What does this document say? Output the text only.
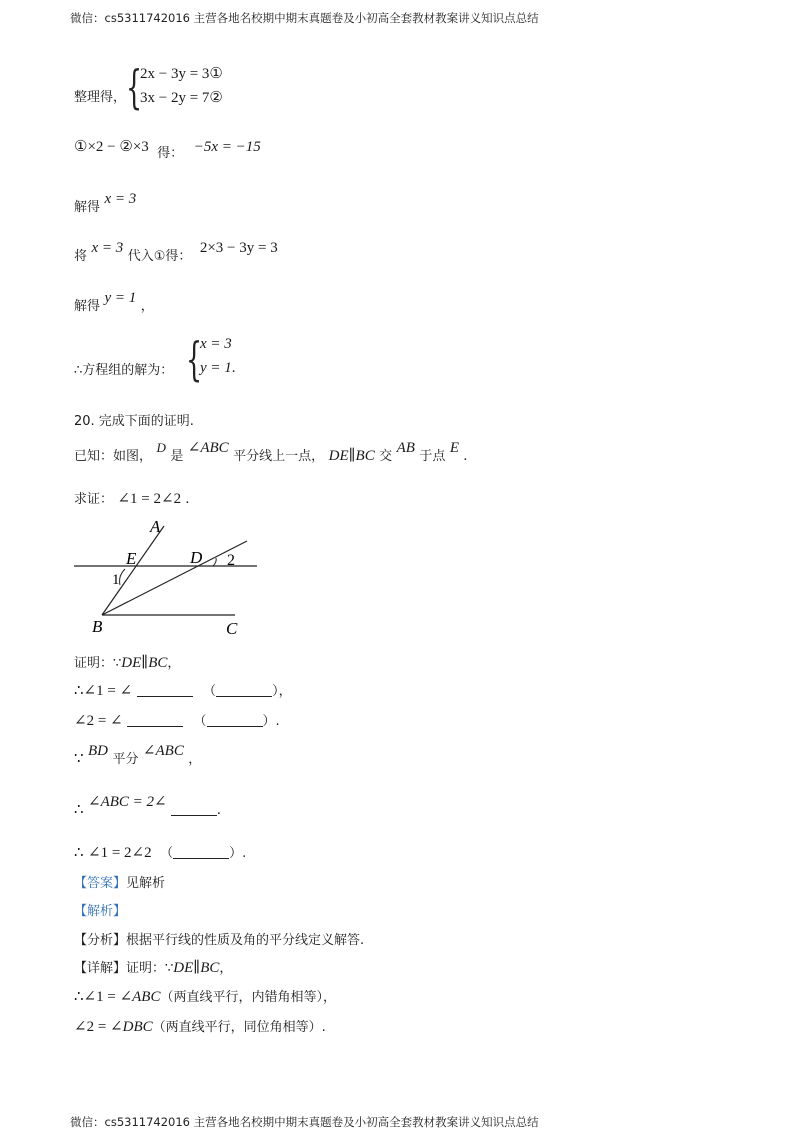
微信：cs5311742016 主营各地名校期中期末真题卷及小初高全套教材教案讲义知识点总结
整理得， {
2x − 3y = 3①
3x − 2y = 7②
①×2 − ②×3 得： −5x = −15
解得 x = 3
将 x = 3 代入①得： 2×3 − 3y = 3
解得 y = 1 ，
∴方程组的解为： {
x = 3
y = 1.
20. 完成下面的证明.
已知：如图， D 是 ∠ABC 平分线上一点， DE∥BC 交 AB 于点 E .
求证： ∠1 = 2∠2 .
A
E	D 2
1
B	C
证明：∵DE∥BC，
∴∠1 = ∠	（	），
∠2 = ∠	（	）.
∵ BD 平分 ∠ABC ，
∴ ∠ABC = 2∠	.
∴ ∠1 = 2∠2 （	）.
【答案】见解析
【解析】
【分析】根据平行线的性质及角的平分线定义解答.
【详解】证明：∵DE∥BC，
∴∠1 = ∠ABC（两直线平行，内错角相等），
∠2 = ∠DBC（两直线平行，同位角相等）.
微信：cs5311742016 主营各地名校期中期末真题卷及小初高全套教材教案讲义知识点总结
